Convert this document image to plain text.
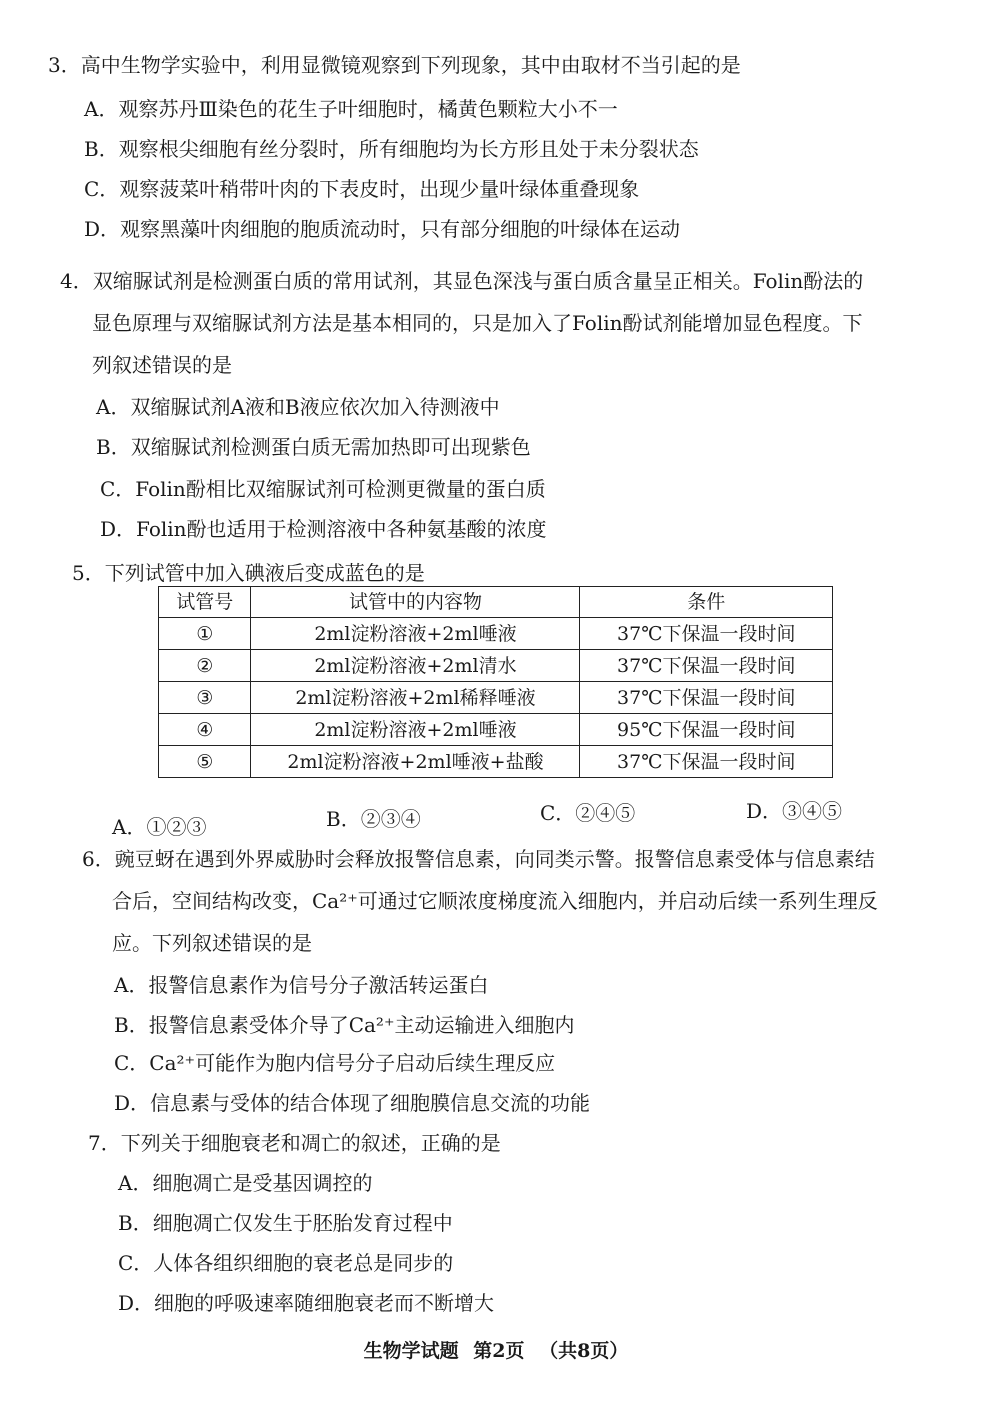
3．高中生物学实验中，利用显微镜观察到下列现象，其中由取材不当引起的是
A．观察苏丹Ⅲ染色的花生子叶细胞时，橘黄色颗粒大小不一
B．观察根尖细胞有丝分裂时，所有细胞均为长方形且处于未分裂状态
C．观察菠菜叶稍带叶肉的下表皮时，出现少量叶绿体重叠现象
D．观察黑藻叶肉细胞的胞质流动时，只有部分细胞的叶绿体在运动
4．双缩脲试剂是检测蛋白质的常用试剂，其显色深浅与蛋白质含量呈正相关。Folin酚法的
显色原理与双缩脲试剂方法是基本相同的，只是加入了Folin酚试剂能增加显色程度。下
列叙述错误的是
A．双缩脲试剂A液和B液应依次加入待测液中
B．双缩脲试剂检测蛋白质无需加热即可出现紫色
C．Folin酚相比双缩脲试剂可检测更微量的蛋白质
D．Folin酚也适用于检测溶液中各种氨基酸的浓度
5．下列试管中加入碘液后变成蓝色的是
试管号	试管中的内容物	条件
①	2ml淀粉溶液+2ml唾液	37℃下保温一段时间
②	2ml淀粉溶液+2ml清水	37℃下保温一段时间
③	2ml淀粉溶液+2ml稀释唾液	37℃下保温一段时间
④	2ml淀粉溶液+2ml唾液	95℃下保温一段时间
⑤	2ml淀粉溶液+2ml唾液+盐酸	37℃下保温一段时间
A．①②③	B．②③④	C．②④⑤	D．③④⑤
6．豌豆蚜在遇到外界威胁时会释放报警信息素，向同类示警。报警信息素受体与信息素结
合后，空间结构改变，Ca²⁺可通过它顺浓度梯度流入细胞内，并启动后续一系列生理反
应。下列叙述错误的是
A．报警信息素作为信号分子激活转运蛋白
B．报警信息素受体介导了Ca²⁺主动运输进入细胞内
C．Ca²⁺可能作为胞内信号分子启动后续生理反应
D．信息素与受体的结合体现了细胞膜信息交流的功能
7．下列关于细胞衰老和凋亡的叙述，正确的是
A．细胞凋亡是受基因调控的
B．细胞凋亡仅发生于胚胎发育过程中
C．人体各组织细胞的衰老总是同步的
D．细胞的呼吸速率随细胞衰老而不断增大
生物学试题 第2页 （共8页）
